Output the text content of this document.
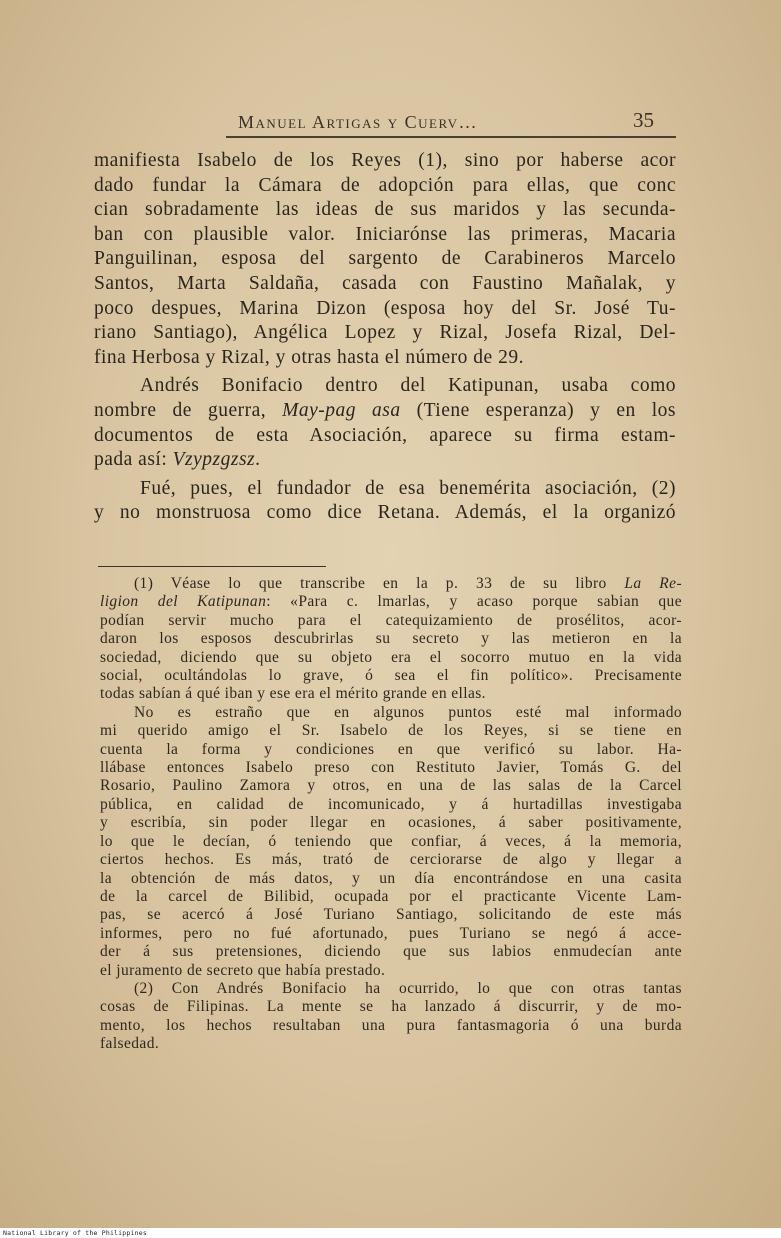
Manuel Artigas y Cuerv…	35
manifiesta Isabelo de los Reyes (1), sino por haberse acor
dado fundar la Cámara de adopción para ellas, que conc
cian sobradamente las ideas de sus maridos y las secunda-
ban con plausible valor. Iniciarónse las primeras, Macaria
Panguilinan, esposa del sargento de Carabineros Marcelo
Santos, Marta Saldaña, casada con Faustino Mañalak, y
poco despues, Marina Dizon (esposa hoy del Sr. José Tu-
riano Santiago), Angélica Lopez y Rizal, Josefa Rizal, Del-
fina Herbosa y Rizal, y otras hasta el número de 29.
Andrés Bonifacio dentro del Katipunan, usaba como
nombre de guerra, May-pag asa (Tiene esperanza) y en los
documentos de esta Asociación, aparece su firma estam-
pada así: Vzypzgzsz.
Fué, pues, el fundador de esa benemérita asociación, (2)
y no monstruosa como dice Retana. Además, el la organizó
(1) Véase lo que transcribe en la p. 33 de su libro La Re-
ligion del Katipunan: «Para c. lmarlas, y acaso porque sabian que
podían servir mucho para el catequizamiento de prosélitos, acor-
daron los esposos descubrirlas su secreto y las metieron en la
sociedad, diciendo que su objeto era el socorro mutuo en la vida
social, ocultándolas lo grave, ó sea el fin político». Precisamente
todas sabían á qué iban y ese era el mérito grande en ellas.
No es estraño que en algunos puntos esté mal informado
mi querido amigo el Sr. Isabelo de los Reyes, si se tiene en
cuenta la forma y condiciones en que verificó su labor. Ha-
llábase entonces Isabelo preso con Restituto Javier, Tomás G. del
Rosario, Paulino Zamora y otros, en una de las salas de la Carcel
pública, en calidad de incomunicado, y á hurtadillas investigaba
y escribía, sin poder llegar en ocasiones, á saber positivamente,
lo que le decían, ó teniendo que confiar, á veces, á la memoria,
ciertos hechos. Es más, trató de cerciorarse de algo y llegar a
la obtención de más datos, y un día encontrándose en una casita
de la carcel de Bilibid, ocupada por el practicante Vicente Lam-
pas, se acercó á José Turiano Santiago, solicitando de este más
informes, pero no fué afortunado, pues Turiano se negó á acce-
der á sus pretensiones, diciendo que sus labios enmudecían ante
el juramento de secreto que había prestado.
(2) Con Andrés Bonifacio ha ocurrido, lo que con otras tantas
cosas de Filipinas. La mente se ha lanzado á discurrir, y de mo-
mento, los hechos resultaban una pura fantasmagoria ó una burda
falsedad.
National Library of the Philippines
